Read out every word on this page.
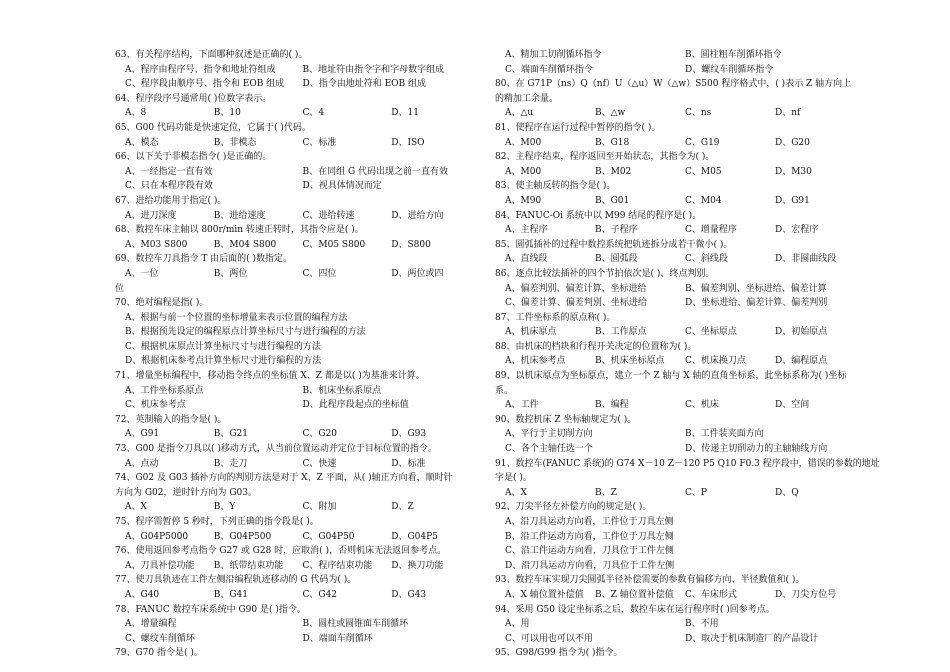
63、有关程序结构，下面哪种叙述是正确的( )。
A、程序由程序号、指令和地址符组成	B、地址符由指令字和字母数字组成
C、程序段由顺序号、指令和 EOB 组成	D、指令由地址符和 EOB 组成
64、程序段序号通常用( )位数字表示。
A、8	B、10	C、4	D、11
65、G00 代码功能是快速定位，它属于( )代码。
A、模态	B、非模态	C、标准	D、ISO
66、以下关于非模态指令( )是正确的。
A、一经指定一直有效	B、在同组 G 代码出现之前一直有效
C、只在本程序段有效	D、视具体情况而定
67、进给功能用于指定( )。
A、进刀深度	B、进给速度	C、进给转速	D、进给方向
68、数控车床主轴以 800r/min 转速正转时，其指令应是( )。
A、M03 S800	B、M04 S800	C、M05 S800	D、S800
69、数控车刀具指令 T 由后面的( )数指定。
A、一位	B、两位	C、四位	D、两位或四
位
70、绝对编程是指( )。
A、根据与前一个位置的坐标增量来表示位置的编程方法
B、根据预先设定的编程原点计算坐标尺寸与进行编程的方法
C、根据机床原点计算坐标尺寸与进行编程的方法
D、根据机床参考点计算坐标尺寸进行编程的方法
71、增量坐标编程中，移动指令终点的坐标值 X、Z 都是以( )为基准来计算。
A、工件坐标系原点	B、机床坐标系原点
C、机床参考点	D、此程序段起点的坐标值
72、英制输入的指令是( )。
A、G91	B、G21	C、G20	D、G93
73、G00 是指令刀具以( )移动方式，从当前位置运动并定位于目标位置的指令。
A、点动	B、走刀	C、快速	D、标准
74、G02 及 G03 插补方向的判别方法是对于 X、Z 平面，从( )轴正方向看，顺时针
方向为 G02，逆时针方向为 G03。
A、X	B、Y	C、附加	D、Z
75、程序需暂停 5 秒时，下列正确的指令段是( )。
A、G04P5000	B、G04P500	C、G04P50	D、G04P5
76、使用返回参考点指令 G27 或 G28 时，应取消( )，否则机床无法返回参考点。
A、刀具补偿功能	B、纸带结束功能	C、程序结束功能	D、换刀功能
77、使刀具轨迹在工件左侧沿编程轨迹移动的 G 代码为( )。
A、G40	B、G41	C、G42	D、G43
78、FANUC 数控车床系统中 G90 是( )指令。
A、增量编程	B、圆柱或圆锥面车削循环
C、螺纹车削循环	D、端面车削循环
79、G70 指令是( )。
A、精加工切削循环指令	B、圆柱粗车削循环指令
C、端面车削循环指令	D、螺纹车削循环指令
80、在 G71P（ns）Q（nf）U（△u）W（△w）S500 程序格式中，( )表示 Z 轴方向上
的精加工余量。
A、△u	B、△w	C、ns	D、nf
81、使程序在运行过程中暂停的指令( )。
A、M00	B、G18	C、G19	D、G20
82、主程序结束，程序返回至开始状态，其指令为( )。
A、M00	B、M02	C、M05	D、M30
83、使主轴反转的指令是( )。
A、M90	B、G01	C、M04	D、G91
84、FANUC-Oi 系统中以 M99 结尾的程序是( )。
A、主程序	B、子程序	C、增量程序	D、宏程序
85、圆弧插补的过程中数控系统把轨迹拆分成若干微小( )。
A、直线段	B、圆弧段	C、斜线段	D、非圆曲线段
86、逐点比较法插补的四个节拍依次是( )、终点判别。
A、偏差判别、偏差计算、坐标进给	B、偏差判别、坐标进给、偏差计算
C、偏差计算、偏差判别、坐标进给	D、坐标进给、偏差计算、偏差判别
87、工件坐标系的原点称( )。
A、机床原点	B、工作原点	C、坐标原点	D、初始原点
88、由机床的档块和行程开关决定的位置称为( )。
A、机床参考点	B、机床坐标原点	C、机床换刀点	D、编程原点
89、以机床原点为坐标原点，建立一个 Z 轴与 X 轴的直角坐标系，此坐标系称为( )坐标
系。
A、工件	B、编程	C、机床	D、空间
90、数控机床 Z 坐标轴规定为( )。
A、平行于主切削方向	B、工件装夹面方向
C、各个主轴任选一个	D、传递主切削动力的主轴轴线方向
91、数控车(FANUC 系统)的 G74 X－10 Z－120 P5 Q10 F0.3 程序段中，错误的参数的地址
字是( )。
A、X	B、Z	C、P	D、Q
92、刀尖半径左补偿方向的规定是( )。
A、沿刀具运动方向看，工件位于刀具左侧
B、沿工件运动方向看，工件位于刀具左侧
C、沿工件运动方向看，刀具位于工件左侧
D、沿刀具运动方向看，刀具位于工件左侧
93、数控车床实现刀尖圆弧半径补偿需要的参数有偏移方向、半径数值和( )。
A、X 轴位置补偿值	B、Z 轴位置补偿值	C、车床形式	D、刀尖方位号
94、采用 G50 设定坐标系之后，数控车床在运行程序时( )回参考点。
A、用	B、不用
C、可以用也可以不用	D、取决于机床制造厂的产品设计
95、G98/G99 指令为( )指令。
